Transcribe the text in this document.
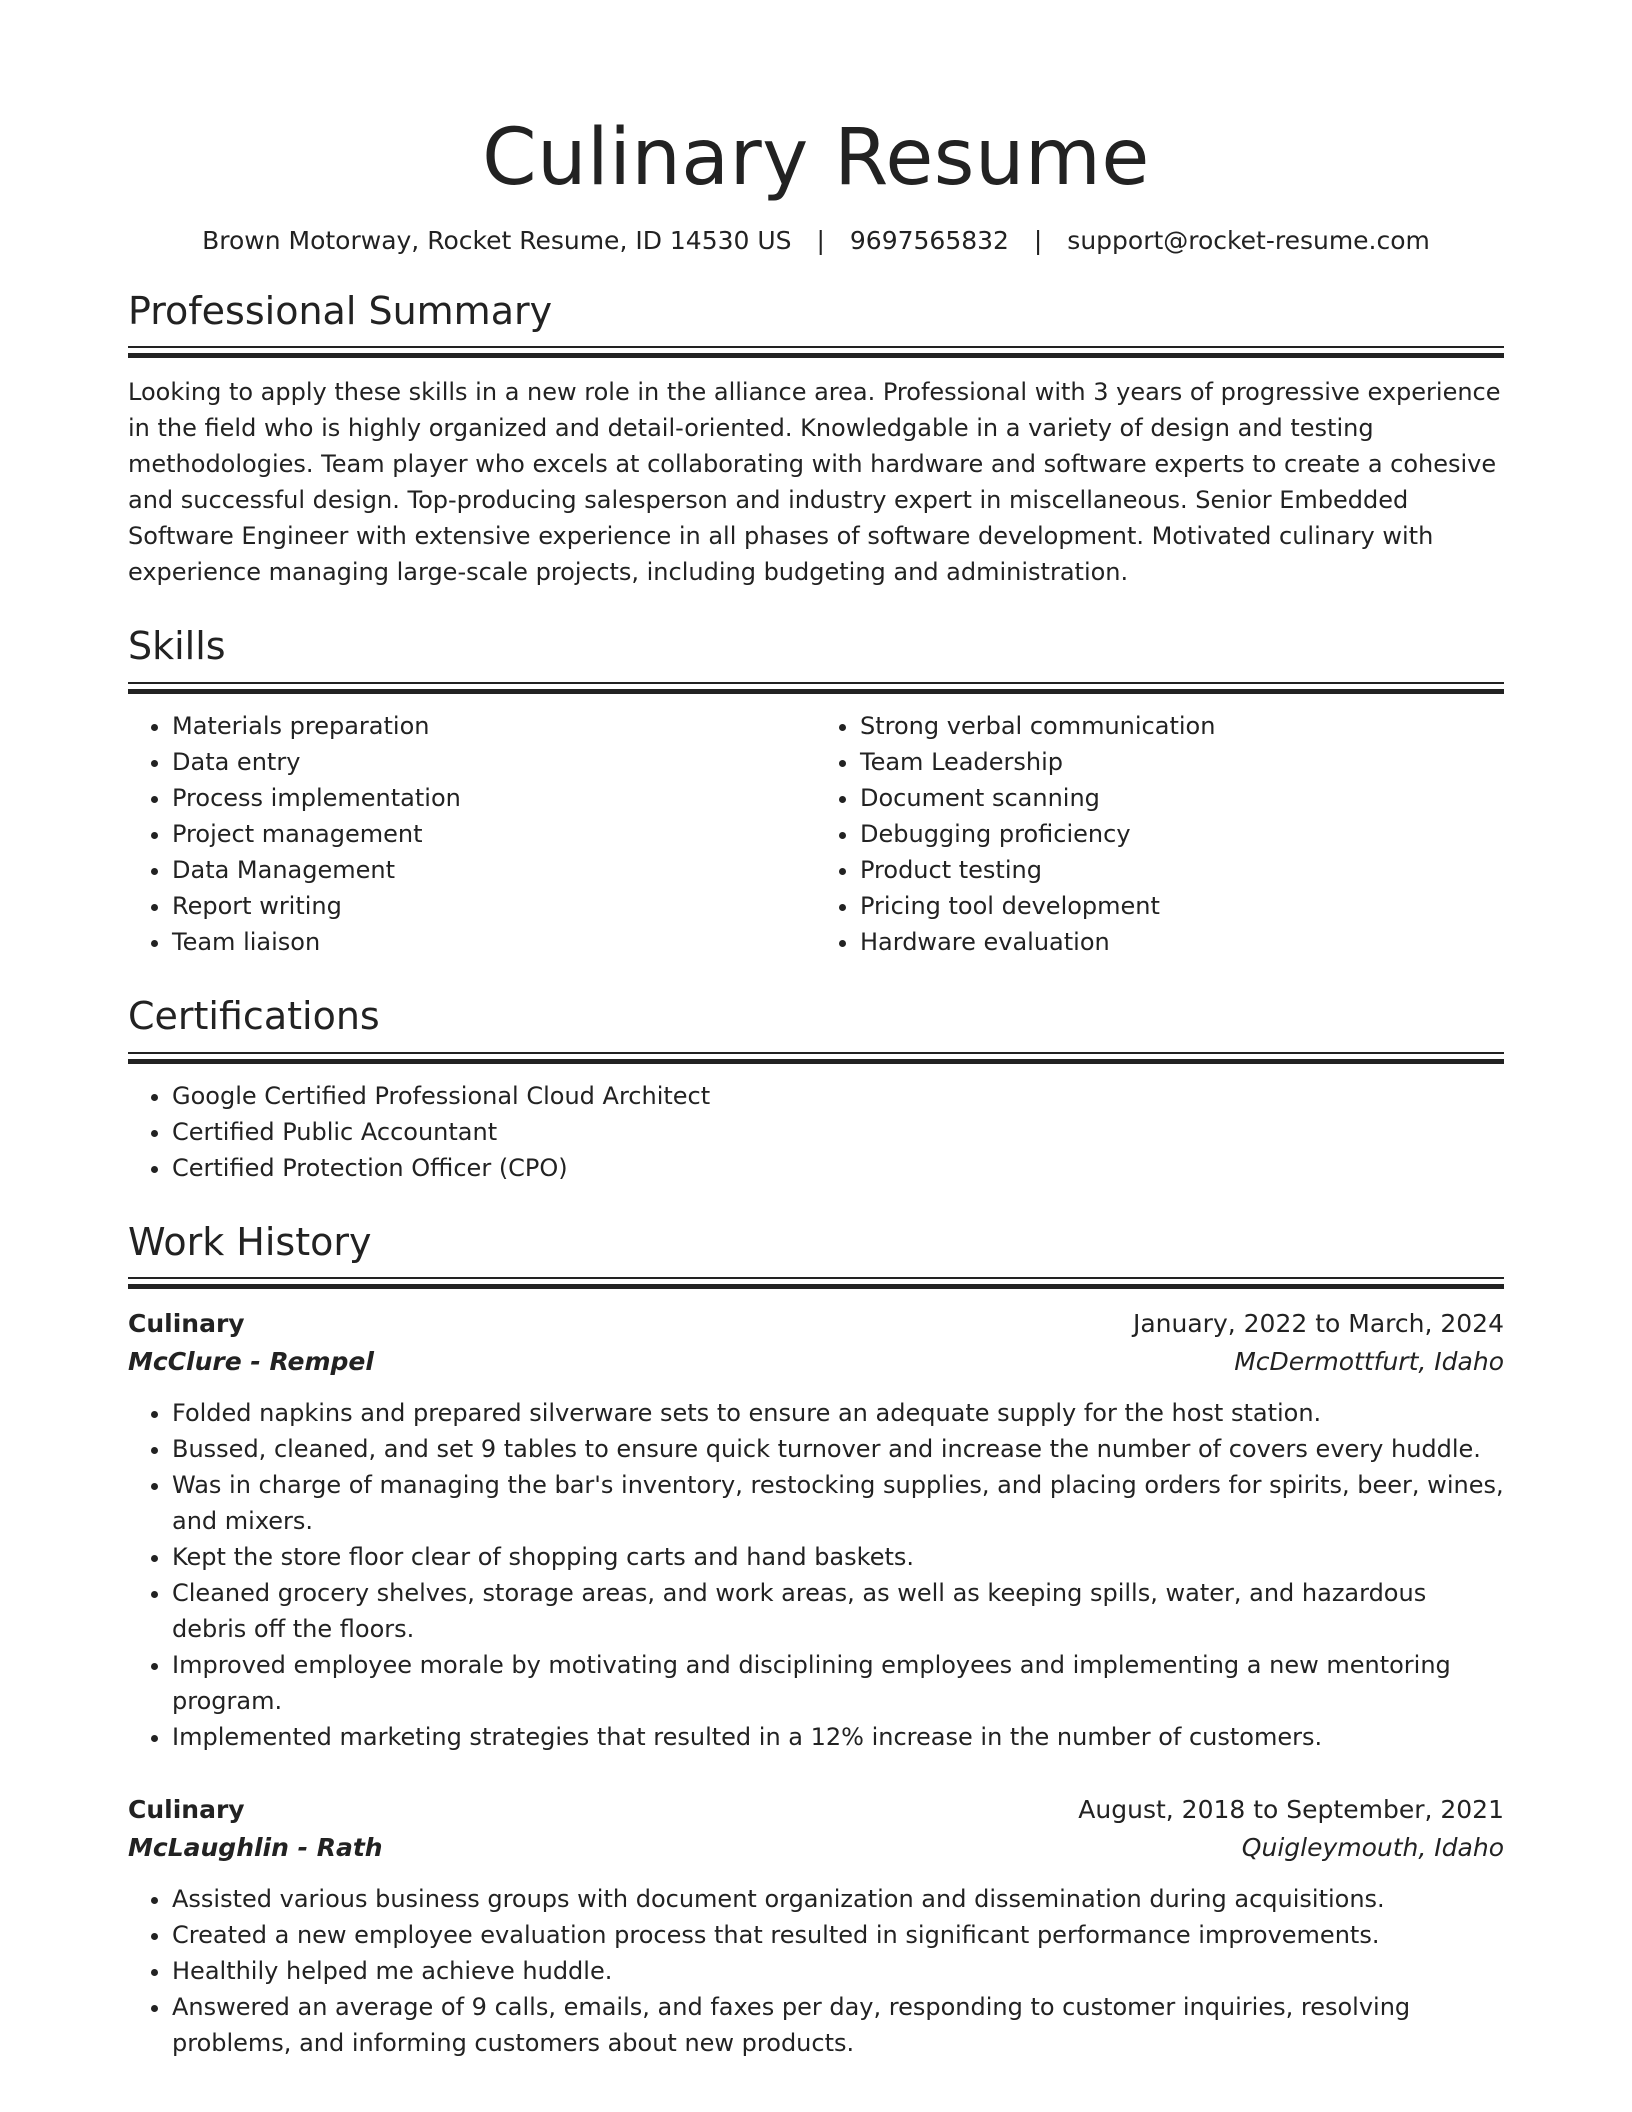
Culinary Resume
Brown Motorway, Rocket Resume, ID 14530 US | 9697565832 | support@rocket-resume.com
Professional Summary
Looking to apply these skills in a new role in the alliance area. Professional with 3 years of progressive experience in the field who is highly organized and detail-oriented. Knowledgable in a variety of design and testing methodologies. Team player who excels at collaborating with hardware and software experts to create a cohesive and successful design. Top-producing salesperson and industry expert in miscellaneous. Senior Embedded Software Engineer with extensive experience in all phases of software development. Motivated culinary with experience managing large-scale projects, including budgeting and administration.
Skills
• Materials preparation
• Data entry
• Process implementation
• Project management
• Data Management
• Report writing
• Team liaison
• Strong verbal communication
• Team Leadership
• Document scanning
• Debugging proficiency
• Product testing
• Pricing tool development
• Hardware evaluation
Certifications
• Google Certified Professional Cloud Architect
• Certified Public Accountant
• Certified Protection Officer (CPO)
Work History
Culinary	January, 2022 to March, 2024
McClure - Rempel	McDermottfurt, Idaho
• Folded napkins and prepared silverware sets to ensure an adequate supply for the host station.
• Bussed, cleaned, and set 9 tables to ensure quick turnover and increase the number of covers every huddle.
• Was in charge of managing the bar's inventory, restocking supplies, and placing orders for spirits, beer, wines, and mixers.
• Kept the store floor clear of shopping carts and hand baskets.
• Cleaned grocery shelves, storage areas, and work areas, as well as keeping spills, water, and hazardous debris off the floors.
• Improved employee morale by motivating and disciplining employees and implementing a new mentoring program.
• Implemented marketing strategies that resulted in a 12% increase in the number of customers.
Culinary	August, 2018 to September, 2021
McLaughlin - Rath	Quigleymouth, Idaho
• Assisted various business groups with document organization and dissemination during acquisitions.
• Created a new employee evaluation process that resulted in significant performance improvements.
• Healthily helped me achieve huddle.
• Answered an average of 9 calls, emails, and faxes per day, responding to customer inquiries, resolving problems, and informing customers about new products.
